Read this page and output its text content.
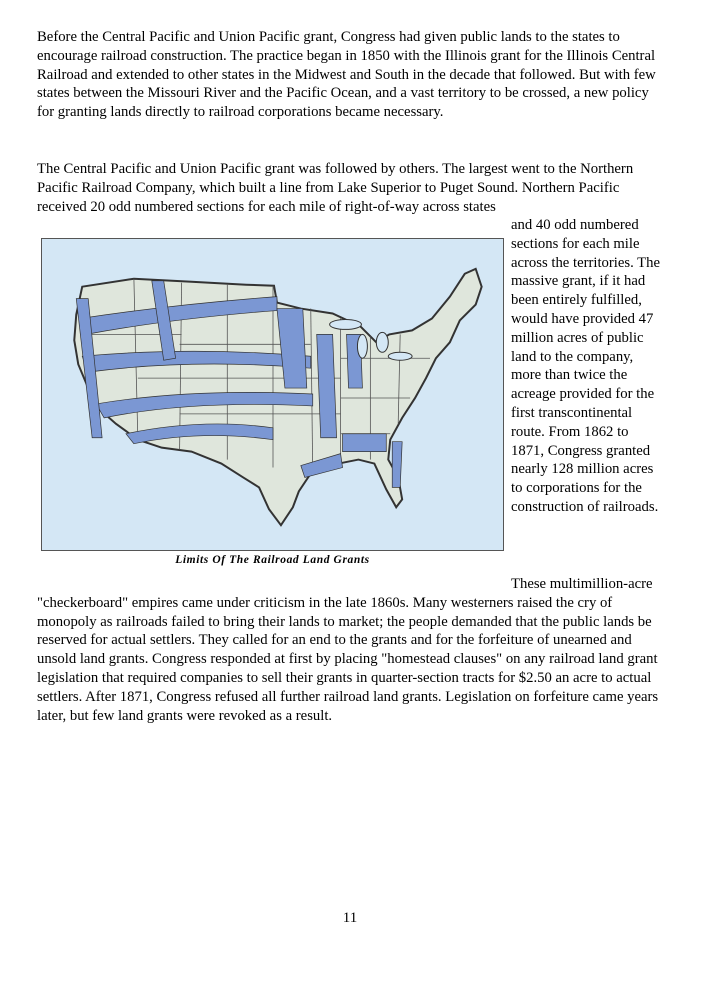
Before the Central Pacific and Union Pacific grant, Congress had given public lands to the states to encourage railroad construction. The practice began in 1850 with the Illinois grant for the Illinois Central Railroad and extended to other states in the Midwest and South in the decade that followed. But with few states between the Missouri River and the Pacific Ocean, and a vast territory to be crossed, a new policy for granting lands directly to railroad corporations became necessary.

The Central Pacific and Union Pacific grant was followed by others. The largest went to the Northern Pacific Railroad Company, which built a line from Lake Superior to Puget Sound. Northern Pacific received 20 odd numbered sections for each mile of right-of-way across states

and 40 odd numbered sections for each mile across the territories. The massive grant, if it had been entirely fulfilled, would have provided 47 million acres of public land to the company, more than twice the acreage provided for the first transcontinental route. From 1862 to 1871, Congress granted nearly 128 million acres to corporations for the construction of railroads.

Limits Of The Railroad Land Grants

These multimillion-acre "checkerboard" empires came under criticism in the late 1860s. Many westerners raised the cry of monopoly as railroads failed to bring their lands to market; the people demanded that the public lands be reserved for actual settlers. They called for an end to the grants and for the forfeiture of unearned and unsold land grants. Congress responded at first by placing "homestead clauses" on any railroad land grant legislation that required companies to sell their grants in quarter-section tracts for $2.50 an acre to actual settlers. After 1871, Congress refused all further railroad land grants. Legislation on forfeiture came years later, but few land grants were revoked as a result.

11
